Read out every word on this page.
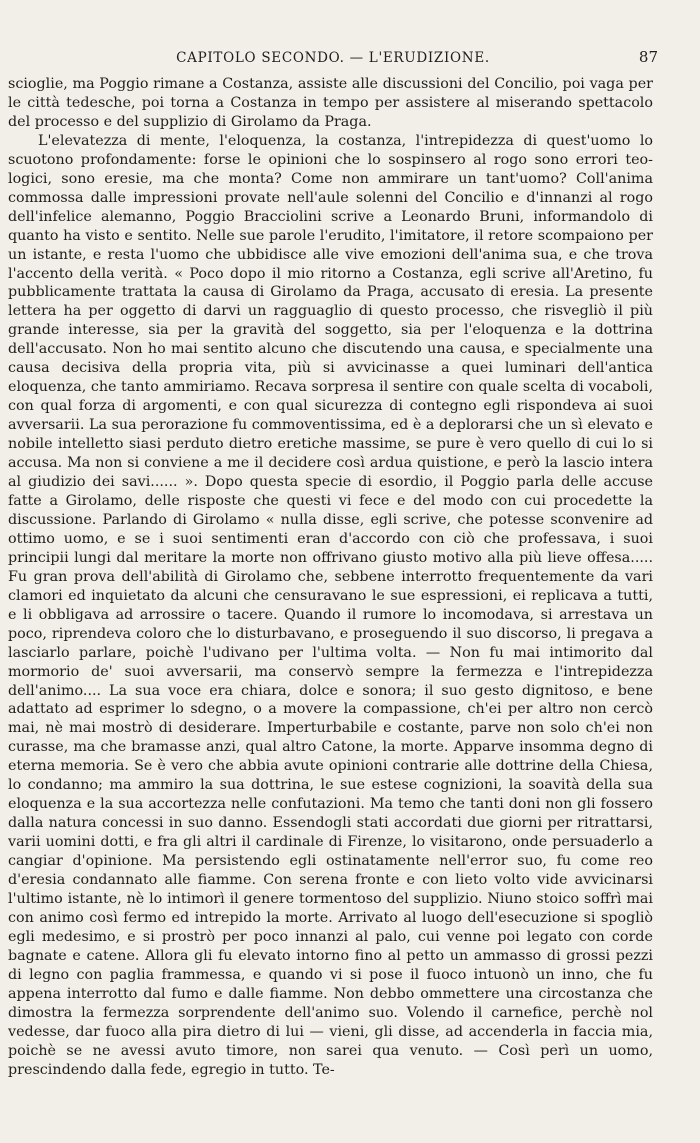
CAPITOLO SECONDO. — L'ERUDIZIONE.	87

scioglie, ma Poggio rimane a Costanza, assiste alle discussioni del Concilio, poi vaga per le città tedesche, poi torna a Costanza in tempo per assistere al miserando spettacolo del processo e del supplizio di Girolamo da Praga.

L'elevatezza di mente, l'eloquenza, la costanza, l'intrepidezza di quest'uomo lo scuotono profondamente: forse le opinioni che lo sospinsero al rogo sono errori teologici, sono eresie, ma che monta? Come non ammirare un tant'uomo? Coll'anima commossa dalle impressioni provate nell'aule solenni del Concilio e d'innanzi al rogo dell'infelice alemanno, Poggio Bracciolini scrive a Leonardo Bruni, informandolo di quanto ha visto e sentito. Nelle sue parole l'erudito, l'imitatore, il retore scompaiono per un istante, e resta l'uomo che ubbidisce alle vive emozioni dell'anima sua, e che trova l'accento della verità. « Poco dopo il mio ritorno a Costanza, egli scrive all'Aretino, fu pubblicamente trattata la causa di Girolamo da Praga, accusato di eresia. La presente lettera ha per oggetto di darvi un ragguaglio di questo processo, che risvegliò il più grande interesse, sia per la gravità del soggetto, sia per l'eloquenza e la dottrina dell'accusato. Non ho mai sentito alcuno che discutendo una causa, e specialmente una causa decisiva della propria vita, più si avvicinasse a quei luminari dell'antica eloquenza, che tanto ammiriamo. Recava sorpresa il sentire con quale scelta di vocaboli, con qual forza di argomenti, e con qual sicurezza di contegno egli rispondeva ai suoi avversarii. La sua perorazione fu commoventissima, ed è a deplorarsi che un sì elevato e nobile intelletto siasi perduto dietro eretiche massime, se pure è vero quello di cui lo si accusa. Ma non si conviene a me il decidere così ardua quistione, e però la lascio intera al giudizio dei savi...... ». Dopo questa specie di esordio, il Poggio parla delle accuse fatte a Girolamo, delle risposte che questi vi fece e del modo con cui procedette la discussione. Parlando di Girolamo « nulla disse, egli scrive, che potesse sconvenire ad ottimo uomo, e se i suoi sentimenti eran d'accordo con ciò che professava, i suoi principii lungi dal meritare la morte non offrivano giusto motivo alla più lieve offesa..... Fu gran prova dell'abilità di Girolamo che, sebbene interrotto frequentemente da vari clamori ed inquietato da alcuni che censuravano le sue espressioni, ei replicava a tutti, e li obbligava ad arrossire o tacere. Quando il rumore lo incomodava, si arrestava un poco, riprendeva coloro che lo disturbavano, e proseguendo il suo discorso, li pregava a lasciarlo parlare, poichè l'udivano per l'ultima volta. — Non fu mai intimorito dal mormorio de' suoi avversarii, ma conservò sempre la fermezza e l'intrepidezza dell'animo.... La sua voce era chiara, dolce e sonora; il suo gesto dignitoso, e bene adattato ad esprimer lo sdegno, o a movere la compassione, ch'ei per altro non cercò mai, nè mai mostrò di desiderare. Imperturbabile e costante, parve non solo ch'ei non curasse, ma che bramasse anzi, qual altro Catone, la morte. Apparve insomma degno di eterna memoria. Se è vero che abbia avute opinioni contrarie alle dottrine della Chiesa, lo condanno; ma ammiro la sua dottrina, le sue estese cognizioni, la soavità della sua eloquenza e la sua accortezza nelle confutazioni. Ma temo che tanti doni non gli fossero dalla natura concessi in suo danno. Essendogli stati accordati due giorni per ritrattarsi, varii uomini dotti, e fra gli altri il cardinale di Firenze, lo visitarono, onde persuaderlo a cangiar d'opinione. Ma persistendo egli ostinatamente nell'error suo, fu come reo d'eresia condannato alle fiamme. Con serena fronte e con lieto volto vide avvicinarsi l'ultimo istante, nè lo intimorì il genere tormentoso del supplizio. Niuno stoico soffrì mai con animo così fermo ed intrepido la morte. Arrivato al luogo dell'esecuzione si spogliò egli medesimo, e si prostrò per poco innanzi al palo, cui venne poi legato con corde bagnate e catene. Allora gli fu elevato intorno fino al petto un ammasso di grossi pezzi di legno con paglia frammessa, e quando vi si pose il fuoco intuonò un inno, che fu appena interrotto dal fumo e dalle fiamme. Non debbo ommettere una circostanza che dimostra la fermezza sorprendente dell'animo suo. Volendo il carnefice, perchè nol vedesse, dar fuoco alla pira dietro di lui — vieni, gli disse, ad accenderla in faccia mia, poichè se ne avessi avuto timore, non sarei qua venuto. — Così perì un uomo, prescindendo dalla fede, egregio in tutto. Te-
